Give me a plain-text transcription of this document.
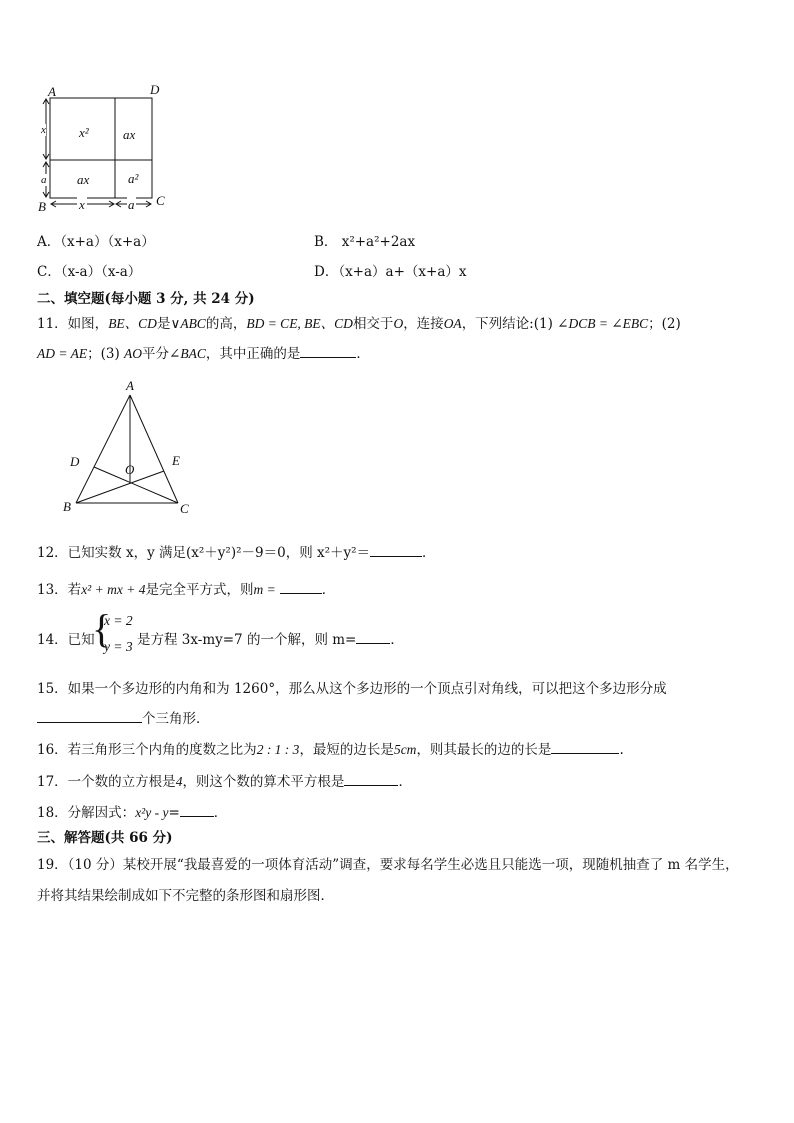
A	D
B	C
x²	ax
ax	a²
x
a
x	a
A．（x+a）（x+a）	B． x²+a²+2ax
C．（x-a）（x-a）	D．（x+a）a+（x+a）x
二、填空题(每小题 3 分, 共 24 分)
11．如图，BE、CD是∨ABC的高，BD = CE, BE、CD相交于O，连接OA，下列结论:(1) ∠DCB = ∠EBC；(2)
AD = AE；(3) AO平分∠BAC，其中正确的是	．
A
D	E
O
B	C
12．已知实数 x，y 满足(x²＋y²)²－9＝0，则 x²＋y²＝	．
13．若x² + mx + 4是完全平方式，则m =	．
14．已知
{
x = 2
y = 3 是方程 3x-my=7 的一个解，则 m=	．
15．如果一个多边形的内角和为 1260°，那么从这个多边形的一个顶点引对角线，可以把这个多边形分成
个三角形．
16．若三角形三个内角的度数之比为2 : 1 : 3，最短的边长是5cm，则其最长的边的长是	.
17．一个数的立方根是4，则这个数的算术平方根是	．
18．分解因式：x²y - y=	．
三、解答题(共 66 分)
19．（10 分）某校开展“我最喜爱的一项体育活动”调查，要求每名学生必选且只能选一项，现随机抽查了 m 名学生，
并将其结果绘制成如下不完整的条形图和扇形图．
